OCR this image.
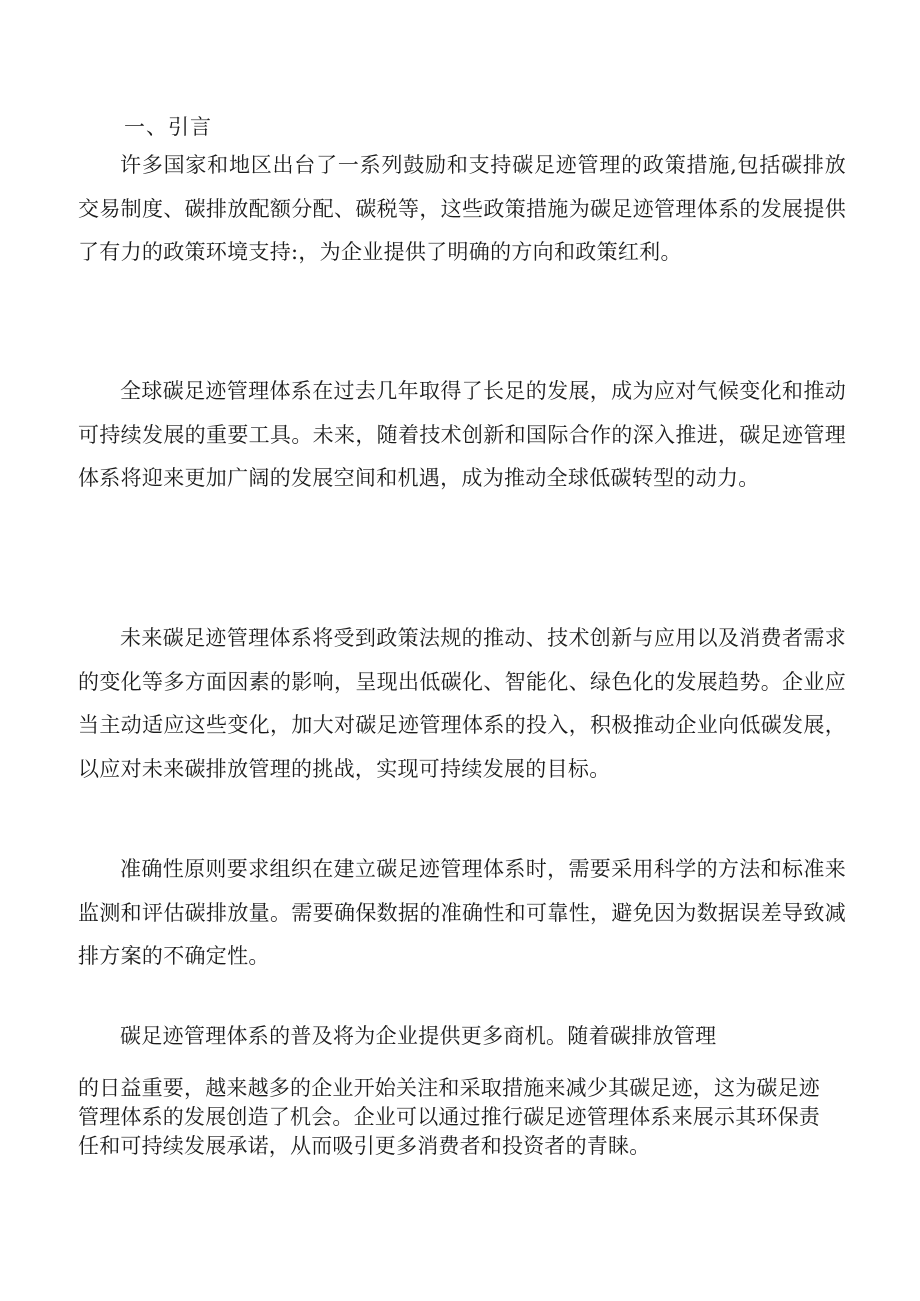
一、引言

许多国家和地区出台了一系列鼓励和支持碳足迹管理的政策措施,包括碳排放交易制度、碳排放配额分配、碳税等，这些政策措施为碳足迹管理体系的发展提供了有力的政策环境支持:，为企业提供了明确的方向和政策红利。

全球碳足迹管理体系在过去几年取得了长足的发展，成为应对气候变化和推动可持续发展的重要工具。未来，随着技术创新和国际合作的深入推进，碳足迹管理体系将迎来更加广阔的发展空间和机遇，成为推动全球低碳转型的动力。

未来碳足迹管理体系将受到政策法规的推动、技术创新与应用以及消费者需求的变化等多方面因素的影响，呈现出低碳化、智能化、绿色化的发展趋势。企业应当主动适应这些变化，加大对碳足迹管理体系的投入，积极推动企业向低碳发展，以应对未来碳排放管理的挑战，实现可持续发展的目标。

准确性原则要求组织在建立碳足迹管理体系时，需要采用科学的方法和标准来监测和评估碳排放量。需要确保数据的准确性和可靠性，避免因为数据误差导致减排方案的不确定性。

碳足迹管理体系的普及将为企业提供更多商机。随着碳排放管理

的日益重要，越来越多的企业开始关注和采取措施来减少其碳足迹，这为碳足迹管理体系的发展创造了机会。企业可以通过推行碳足迹管理体系来展示其环保责任和可持续发展承诺，从而吸引更多消费者和投资者的青睐。
